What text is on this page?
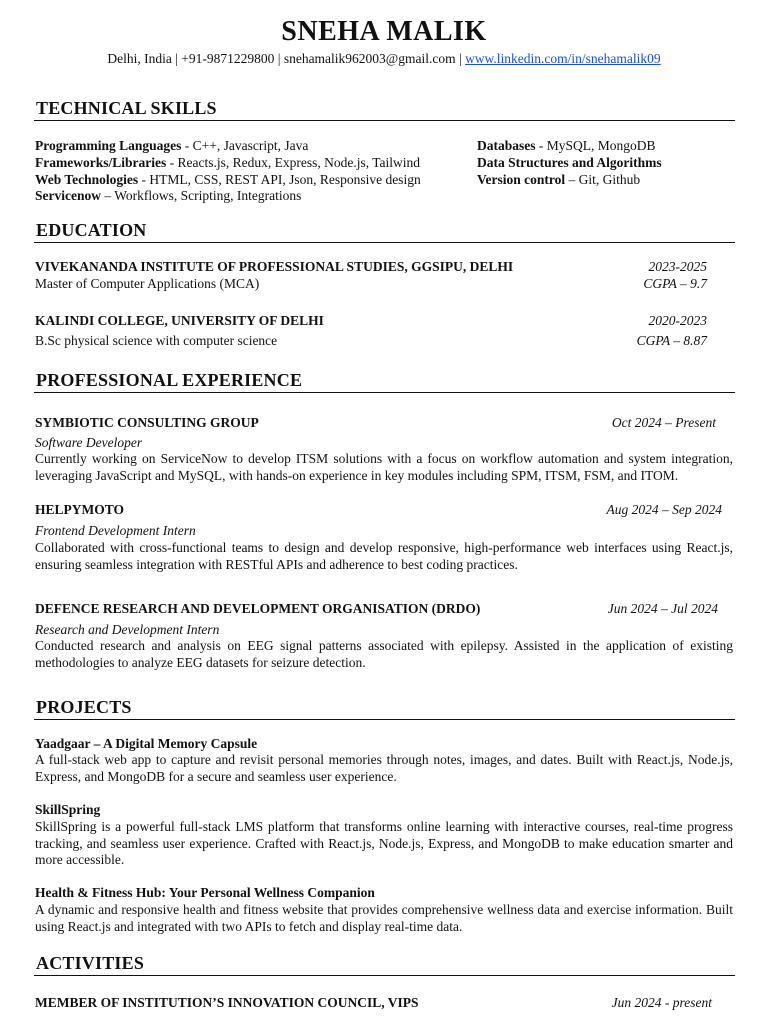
SNEHA MALIK
Delhi, India | +91-9871229800 | snehamalik962003@gmail.com | www.linkedin.com/in/snehamalik09
TECHNICAL SKILLS
Programming Languages - C++, Javascript, Java
Frameworks/Libraries - Reacts.js, Redux, Express, Node.js, Tailwind
Web Technologies - HTML, CSS, REST API, Json, Responsive design
Servicenow – Workflows, Scripting, Integrations
Databases - MySQL, MongoDB
Data Structures and Algorithms
Version control – Git, Github
EDUCATION
VIVEKANANDA INSTITUTE OF PROFESSIONAL STUDIES, GGSIPU, DELHI	2023-2025
Master of Computer Applications (MCA)	CGPA – 9.7
KALINDI COLLEGE, UNIVERSITY OF DELHI	2020-2023
B.Sc physical science with computer science	CGPA – 8.87
PROFESSIONAL EXPERIENCE
SYMBIOTIC CONSULTING GROUP	Oct 2024 – Present
Software Developer
Currently working on ServiceNow to develop ITSM solutions with a focus on workflow automation and system integration, leveraging JavaScript and MySQL, with hands-on experience in key modules including SPM, ITSM, FSM, and ITOM.
HELPYMOTO	Aug 2024 – Sep 2024
Frontend Development Intern
Collaborated with cross-functional teams to design and develop responsive, high-performance web interfaces using React.js, ensuring seamless integration with RESTful APIs and adherence to best coding practices.
DEFENCE RESEARCH AND DEVELOPMENT ORGANISATION (DRDO)	Jun 2024 – Jul 2024
Research and Development Intern
Conducted research and analysis on EEG signal patterns associated with epilepsy. Assisted in the application of existing methodologies to analyze EEG datasets for seizure detection.
PROJECTS
Yaadgaar – A Digital Memory Capsule
A full-stack web app to capture and revisit personal memories through notes, images, and dates. Built with React.js, Node.js, Express, and MongoDB for a secure and seamless user experience.
SkillSpring
SkillSpring is a powerful full-stack LMS platform that transforms online learning with interactive courses, real-time progress tracking, and seamless user experience. Crafted with React.js, Node.js, Express, and MongoDB to make education smarter and more accessible.
Health & Fitness Hub: Your Personal Wellness Companion
A dynamic and responsive health and fitness website that provides comprehensive wellness data and exercise information. Built using React.js and integrated with two APIs to fetch and display real-time data.
ACTIVITIES
MEMBER OF INSTITUTION’S INNOVATION COUNCIL, VIPS	Jun 2024 - present
